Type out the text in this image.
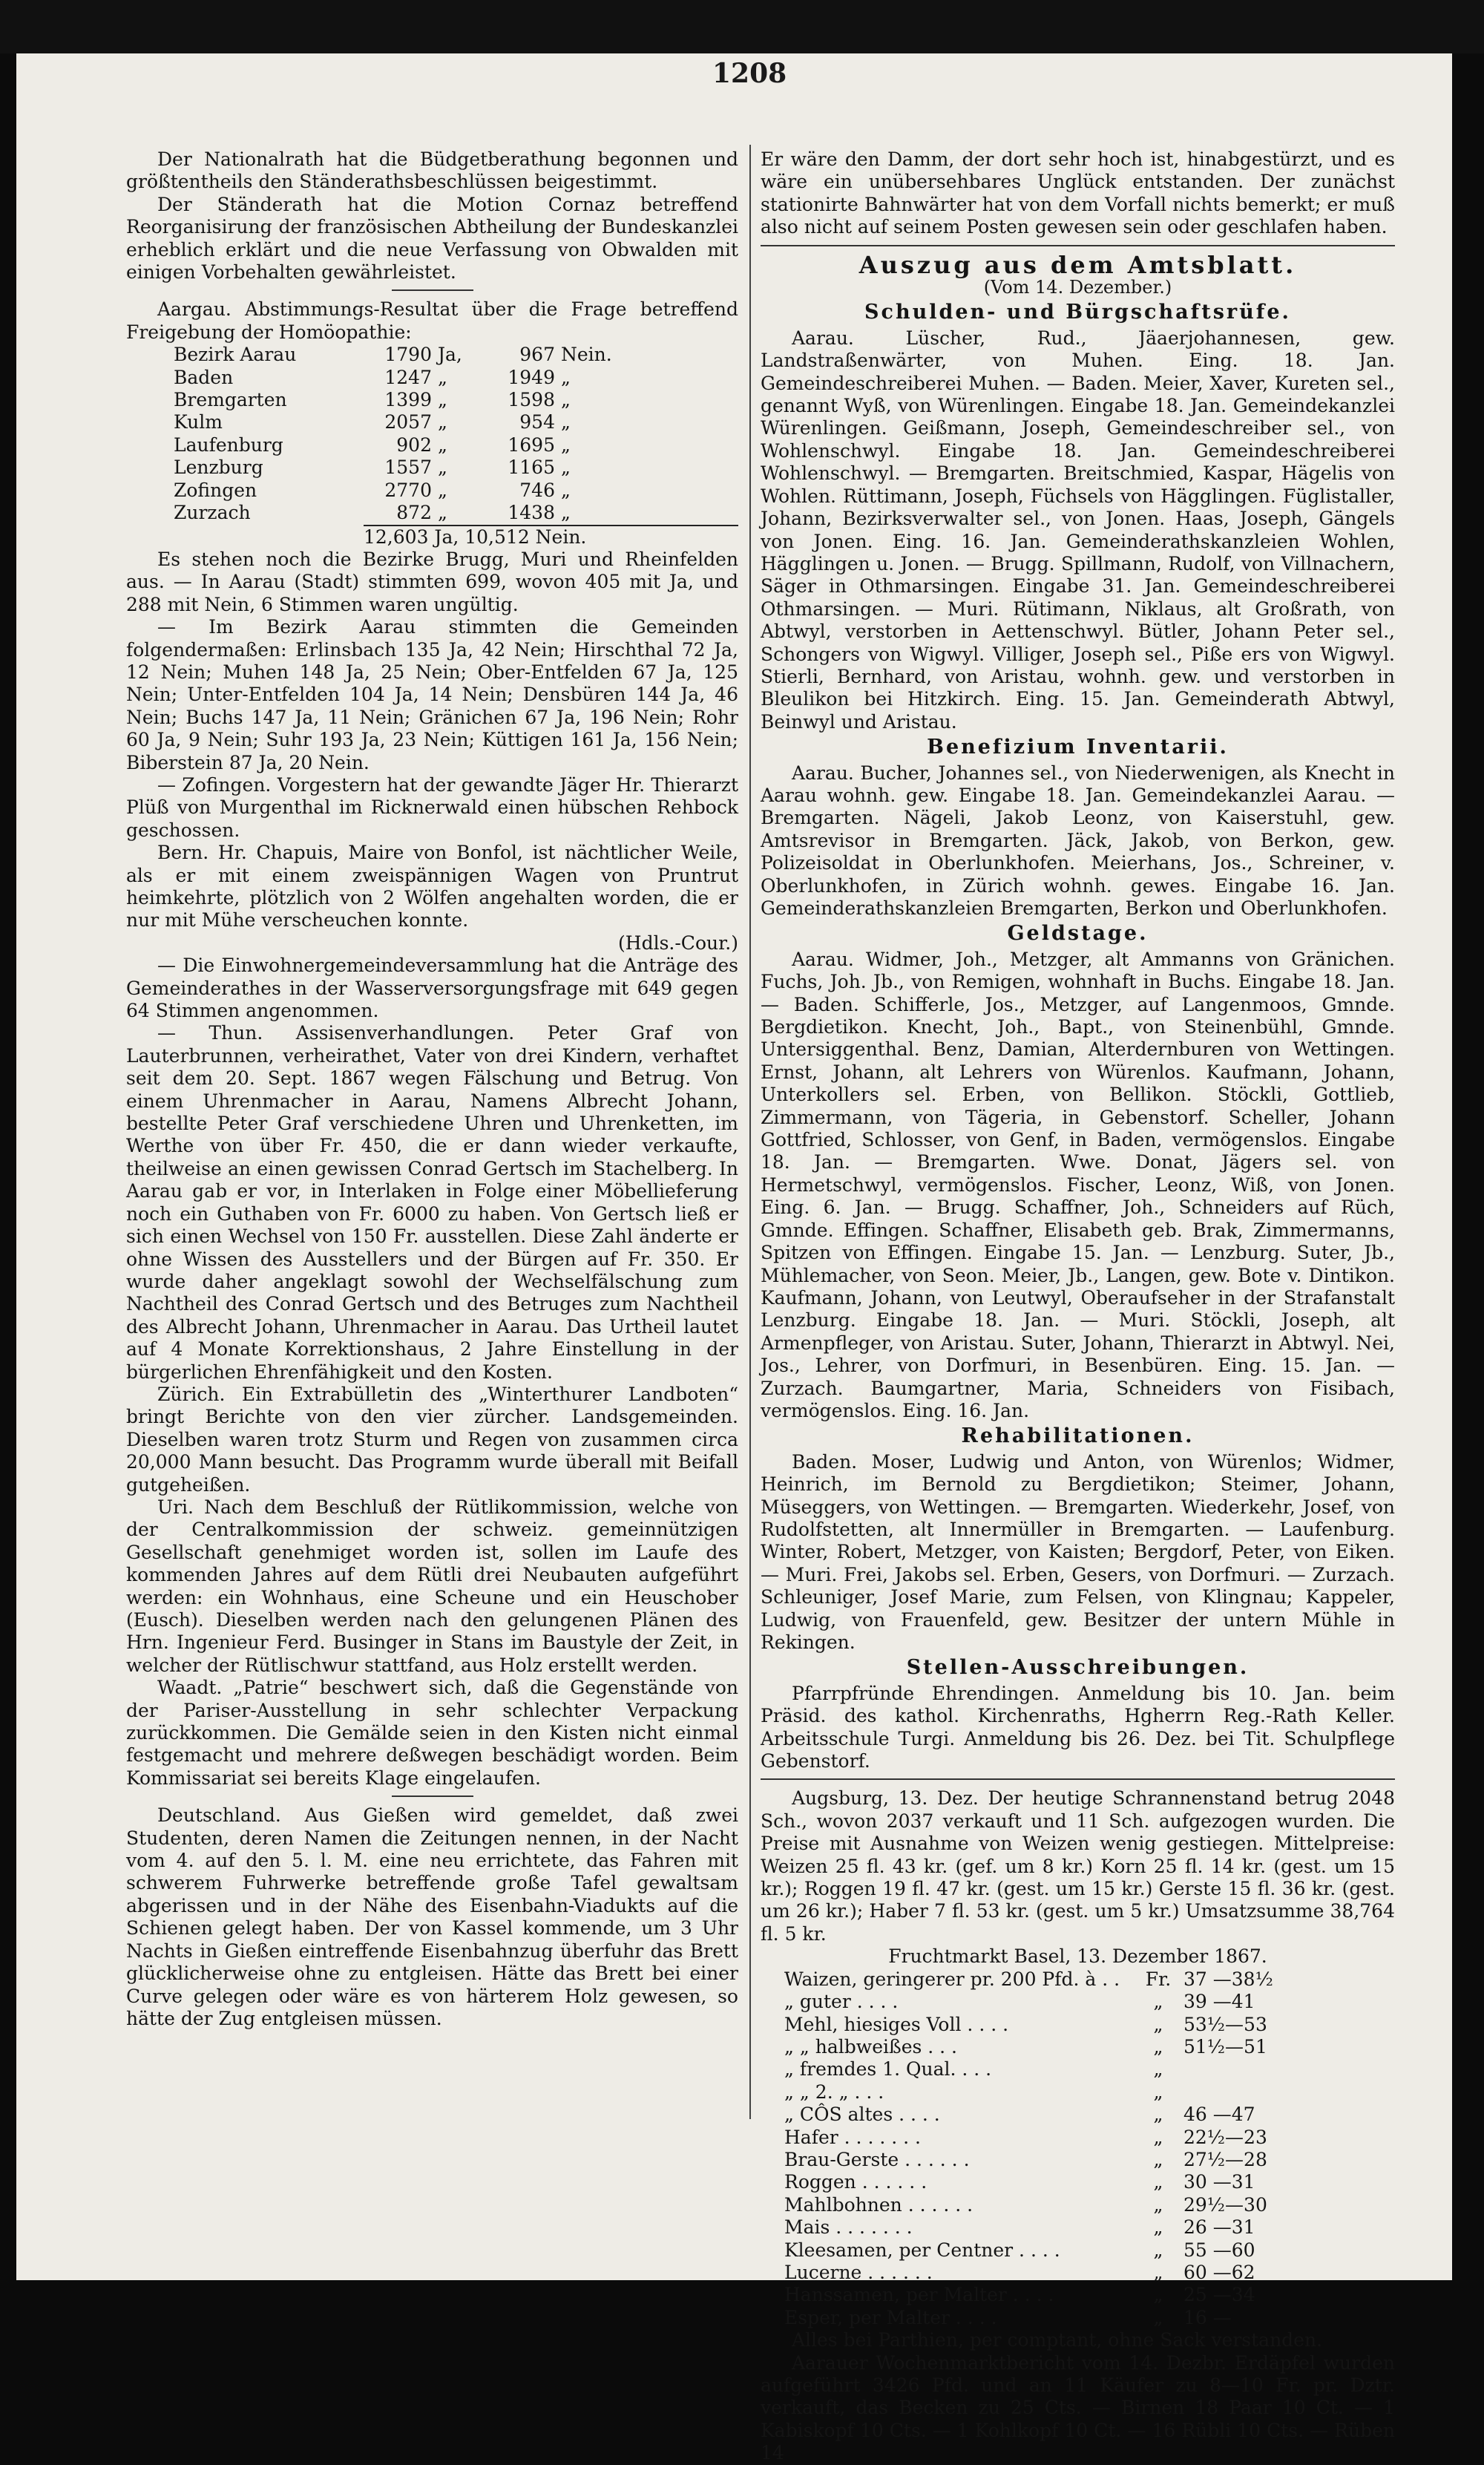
1208

Der Nationalrath hat die Büdgetberathung begonnen und größtentheils den Ständerathsbeschlüssen beigestimmt.

Der Ständerath hat die Motion Cornaz betreffend Reorganisirung der französischen Abtheilung der Bundeskanzlei erheblich erklärt und die neue Verfassung von Obwalden mit einigen Vorbehalten gewährleistet.

Aargau. Abstimmungs-Resultat über die Frage betreffend Freigebung der Homöopathie:

Bezirk Aarau	1790	Ja,	967	Nein.
Baden	1247	„	1949	„
Bremgarten	1399	„	1598	„
Kulm	2057	„	954	„
Laufenburg	902	„	1695	„
Lenzburg	1557	„	1165	„
Zofingen	2770	„	746	„
Zurzach	872	„	1438	„
12,603 Ja, 10,512 Nein.

Es stehen noch die Bezirke Brugg, Muri und Rheinfelden aus. — In Aarau (Stadt) stimmten 699, wovon 405 mit Ja, und 288 mit Nein, 6 Stimmen waren ungültig.

— Im Bezirk Aarau stimmten die Gemeinden folgendermaßen: Erlinsbach 135 Ja, 42 Nein; Hirschthal 72 Ja, 12 Nein; Muhen 148 Ja, 25 Nein; Ober-Entfelden 67 Ja, 125 Nein; Unter-Entfelden 104 Ja, 14 Nein; Densbüren 144 Ja, 46 Nein; Buchs 147 Ja, 11 Nein; Gränichen 67 Ja, 196 Nein; Rohr 60 Ja, 9 Nein; Suhr 193 Ja, 23 Nein; Küttigen 161 Ja, 156 Nein; Biberstein 87 Ja, 20 Nein.

— Zofingen. Vorgestern hat der gewandte Jäger Hr. Thierarzt Plüß von Murgenthal im Ricknerwald einen hübschen Rehbock geschossen.

Bern. Hr. Chapuis, Maire von Bonfol, ist nächtlicher Weile, als er mit einem zweispännigen Wagen von Pruntrut heimkehrte, plötzlich von 2 Wölfen angehalten worden, die er nur mit Mühe verscheuchen konnte.

(Hdls.-Cour.)

— Die Einwohnergemeindeversammlung hat die Anträge des Gemeinderathes in der Wasserversorgungsfrage mit 649 gegen 64 Stimmen angenommen.

— Thun. Assisenverhandlungen. Peter Graf von Lauterbrunnen, verheirathet, Vater von drei Kindern, verhaftet seit dem 20. Sept. 1867 wegen Fälschung und Betrug. Von einem Uhrenmacher in Aarau, Namens Albrecht Johann, bestellte Peter Graf verschiedene Uhren und Uhrenketten, im Werthe von über Fr. 450, die er dann wieder verkaufte, theilweise an einen gewissen Conrad Gertsch im Stachelberg. In Aarau gab er vor, in Interlaken in Folge einer Möbellieferung noch ein Guthaben von Fr. 6000 zu haben. Von Gertsch ließ er sich einen Wechsel von 150 Fr. ausstellen. Diese Zahl änderte er ohne Wissen des Ausstellers und der Bürgen auf Fr. 350. Er wurde daher angeklagt sowohl der Wechselfälschung zum Nachtheil des Conrad Gertsch und des Betruges zum Nachtheil des Albrecht Johann, Uhrenmacher in Aarau. Das Urtheil lautet auf 4 Monate Korrektionshaus, 2 Jahre Einstellung in der bürgerlichen Ehrenfähigkeit und den Kosten.

Zürich. Ein Extrabülletin des „Winterthurer Landboten“ bringt Berichte von den vier zürcher. Landsgemeinden. Dieselben waren trotz Sturm und Regen von zusammen circa 20,000 Mann besucht. Das Programm wurde überall mit Beifall gutgeheißen.

Uri. Nach dem Beschluß der Rütlikommission, welche von der Centralkommission der schweiz. gemeinnützigen Gesellschaft genehmiget worden ist, sollen im Laufe des kommenden Jahres auf dem Rütli drei Neubauten aufgeführt werden: ein Wohnhaus, eine Scheune und ein Heuschober (Eusch). Dieselben werden nach den gelungenen Plänen des Hrn. Ingenieur Ferd. Businger in Stans im Baustyle der Zeit, in welcher der Rütlischwur stattfand, aus Holz erstellt werden.

Waadt. „Patrie“ beschwert sich, daß die Gegenstände von der Pariser-Ausstellung in sehr schlechter Verpackung zurückkommen. Die Gemälde seien in den Kisten nicht einmal festgemacht und mehrere deßwegen beschädigt worden. Beim Kommissariat sei bereits Klage eingelaufen.

Deutschland. Aus Gießen wird gemeldet, daß zwei Studenten, deren Namen die Zeitungen nennen, in der Nacht vom 4. auf den 5. l. M. eine neu errichtete, das Fahren mit schwerem Fuhrwerke betreffende große Tafel gewaltsam abgerissen und in der Nähe des Eisenbahn-Viadukts auf die Schienen gelegt haben. Der von Kassel kommende, um 3 Uhr Nachts in Gießen eintreffende Eisenbahnzug überfuhr das Brett glücklicherweise ohne zu entgleisen. Hätte das Brett bei einer Curve gelegen oder wäre es von härterem Holz gewesen, so hätte der Zug entgleisen müssen.

Er wäre den Damm, der dort sehr hoch ist, hinabgestürzt, und es wäre ein unübersehbares Unglück entstanden. Der zunächst stationirte Bahnwärter hat von dem Vorfall nichts bemerkt; er muß also nicht auf seinem Posten gewesen sein oder geschlafen haben.

Auszug aus dem Amtsblatt.
(Vom 14. Dezember.)
Schulden- und Bürgschaftsrüfe.

Aarau. Lüscher, Rud., Jäaerjohannesen, gew. Landstraßenwärter, von Muhen. Eing. 18. Jan. Gemeindeschreiberei Muhen. — Baden. Meier, Xaver, Kureten sel., genannt Wyß, von Würenlingen. Eingabe 18. Jan. Gemeindekanzlei Würenlingen. Geißmann, Joseph, Gemeindeschreiber sel., von Wohlenschwyl. Eingabe 18. Jan. Gemeindeschreiberei Wohlenschwyl. — Bremgarten. Breitschmied, Kaspar, Hägelis von Wohlen. Rüttimann, Joseph, Füchsels von Hägglingen. Füglistaller, Johann, Bezirksverwalter sel., von Jonen. Haas, Joseph, Gängels von Jonen. Eing. 16. Jan. Gemeinderathskanzleien Wohlen, Hägglingen u. Jonen. — Brugg. Spillmann, Rudolf, von Villnachern, Säger in Othmarsingen. Eingabe 31. Jan. Gemeindeschreiberei Othmarsingen. — Muri. Rütimann, Niklaus, alt Großrath, von Abtwyl, verstorben in Aettenschwyl. Bütler, Johann Peter sel., Schongers von Wigwyl. Villiger, Joseph sel., Piße ers von Wigwyl. Stierli, Bernhard, von Aristau, wohnh. gew. und verstorben in Bleulikon bei Hitzkirch. Eing. 15. Jan. Gemeinderath Abtwyl, Beinwyl und Aristau.

Benefizium Inventarii.

Aarau. Bucher, Johannes sel., von Niederwenigen, als Knecht in Aarau wohnh. gew. Eingabe 18. Jan. Gemeindekanzlei Aarau. — Bremgarten. Nägeli, Jakob Leonz, von Kaiserstuhl, gew. Amtsrevisor in Bremgarten. Jäck, Jakob, von Berkon, gew. Polizeisoldat in Oberlunkhofen. Meierhans, Jos., Schreiner, v. Oberlunkhofen, in Zürich wohnh. gewes. Eingabe 16. Jan. Gemeinderathskanzleien Bremgarten, Berkon und Oberlunkhofen.

Geldstage.

Aarau. Widmer, Joh., Metzger, alt Ammanns von Gränichen. Fuchs, Joh. Jb., von Remigen, wohnhaft in Buchs. Eingabe 18. Jan. — Baden. Schifferle, Jos., Metzger, auf Langenmoos, Gmnde. Bergdietikon. Knecht, Joh., Bapt., von Steinenbühl, Gmnde. Untersiggenthal. Benz, Damian, Alterdernburen von Wettingen. Ernst, Johann, alt Lehrers von Würenlos. Kaufmann, Johann, Unterkollers sel. Erben, von Bellikon. Stöckli, Gottlieb, Zimmermann, von Tägeria, in Gebenstorf. Scheller, Johann Gottfried, Schlosser, von Genf, in Baden, vermögenslos. Eingabe 18. Jan. — Bremgarten. Wwe. Donat, Jägers sel. von Hermetschwyl, vermögenslos. Fischer, Leonz, Wiß, von Jonen. Eing. 6. Jan. — Brugg. Schaffner, Joh., Schneiders auf Rüch, Gmnde. Effingen. Schaffner, Elisabeth geb. Brak, Zimmermanns, Spitzen von Effingen. Eingabe 15. Jan. — Lenzburg. Suter, Jb., Mühlemacher, von Seon. Meier, Jb., Langen, gew. Bote v. Dintikon. Kaufmann, Johann, von Leutwyl, Oberaufseher in der Strafanstalt Lenzburg. Eingabe 18. Jan. — Muri. Stöckli, Joseph, alt Armenpfleger, von Aristau. Suter, Johann, Thierarzt in Abtwyl. Nei, Jos., Lehrer, von Dorfmuri, in Besenbüren. Eing. 15. Jan. — Zurzach. Baumgartner, Maria, Schneiders von Fisibach, vermögenslos. Eing. 16. Jan.

Rehabilitationen.

Baden. Moser, Ludwig und Anton, von Würenlos; Widmer, Heinrich, im Bernold zu Bergdietikon; Steimer, Johann, Müseggers, von Wettingen. — Bremgarten. Wiederkehr, Josef, von Rudolfstetten, alt Innermüller in Bremgarten. — Laufenburg. Winter, Robert, Metzger, von Kaisten; Bergdorf, Peter, von Eiken. — Muri. Frei, Jakobs sel. Erben, Gesers, von Dorfmuri. — Zurzach. Schleuniger, Josef Marie, zum Felsen, von Klingnau; Kappeler, Ludwig, von Frauenfeld, gew. Besitzer der untern Mühle in Rekingen.

Stellen-Ausschreibungen.

Pfarrpfründe Ehrendingen. Anmeldung bis 10. Jan. beim Präsid. des kathol. Kirchenraths, Hgherrn Reg.-Rath Keller. Arbeitsschule Turgi. Anmeldung bis 26. Dez. bei Tit. Schulpflege Gebenstorf.

Augsburg, 13. Dez. Der heutige Schrannenstand betrug 2048 Sch., wovon 2037 verkauft und 11 Sch. aufgezogen wurden. Die Preise mit Ausnahme von Weizen wenig gestiegen. Mittelpreise: Weizen 25 fl. 43 kr. (gef. um 8 kr.) Korn 25 fl. 14 kr. (gest. um 15 kr.); Roggen 19 fl. 47 kr. (gest. um 15 kr.) Gerste 15 fl. 36 kr. (gest. um 26 kr.); Haber 7 fl. 53 kr. (gest. um 5 kr.) Umsatzsumme 38,764 fl. 5 kr.

Fruchtmarkt Basel, 13. Dezember 1867.
Waizen, geringerer pr. 200 Pfd. à . .	Fr.	37 —38½
„ guter . . . .	„	39 —41
Mehl, hiesiges Voll . . . .	„	53½—53
„ „ halbweißes . . .	„	51½—51
„ fremdes 1. Qual. . . .	„	
„ „ 2. „ . . .	„	
„ CÔS altes . . . .	„	46 —47
Hafer . . . . . . .	„	22½—23
Brau-Gerste . . . . . .	„	27½—28
Roggen . . . . . .	„	30 —31
Mahlbohnen . . . . . .	„	29½—30
Mais . . . . . . .	„	26 —31
Kleesamen, per Centner . . . .	„	55 —60
Lucerne . . . . . .	„	60 —62
Hanssamen, per Malter . . . .	„	25 —34
Esper, per Malter . . . .	„	16 —

Alles bei Parthien, per comptant, ohne Sack verstanden.

Aarauer Wochenmarktbericht vom 14. Dezbr. Erdäpfel wurden aufgeführt 3426 Pfd. und an 11 Käufer zu 8—10 Fr. pr. Dztr. verkauft, das Becken zu 25 Cts. — Birnen 18 Paar 10 Ct. — 1 Kabiskopf 10 Cts. — 1 Kohlkopf 10 Ct. — 16 Rübli 10 Cts. — Rüben 14
